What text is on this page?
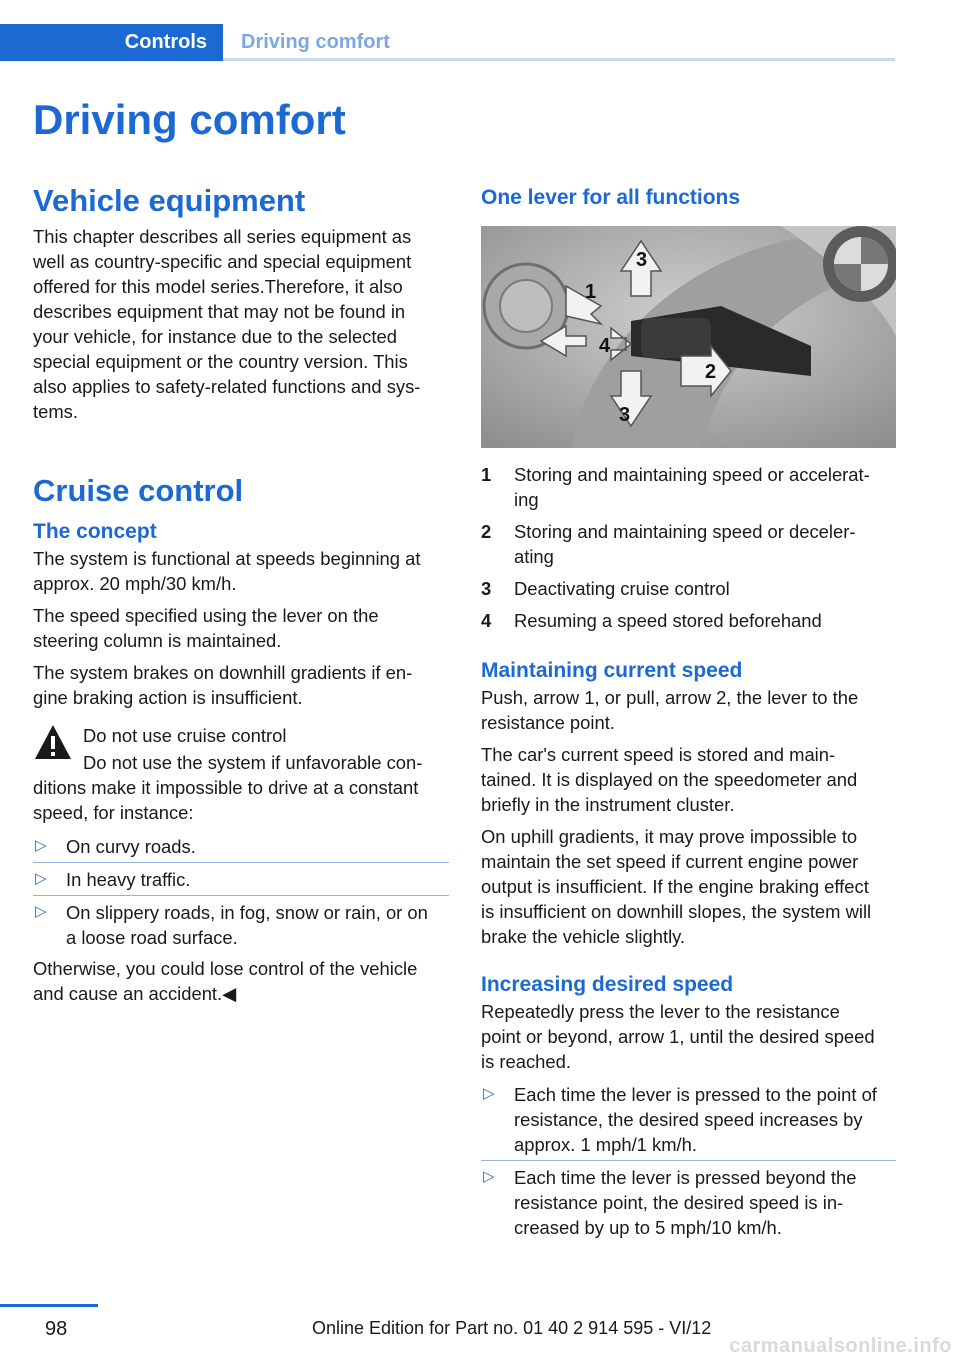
Controls Driving comfort
Driving comfort
Vehicle equipment

This chapter describes all series equipment as
well as country-specific and special equipment
offered for this model series.Therefore, it also
describes equipment that may not be found in
your vehicle, for instance due to the selected
special equipment or the country version. This
also applies to safety-related functions and sys-
tems.

Cruise control
The concept

The system is functional at speeds beginning at
approx. 20 mph/30 km/h.

The speed specified using the lever on the
steering column is maintained.

The system brakes on downhill gradients if en-
gine braking action is insufficient.

Do not use cruise control
Do not use the system if unfavorable con-

ditions make it impossible to drive at a constant
speed, for instance:

▷ On curvy roads.
▷ In heavy traffic.
▷ On slippery roads, in fog, snow or rain, or on
a loose road surface.

Otherwise, you could lose control of the vehicle
and cause an accident.◀

One lever for all functions
1
2
3
3
4
1 Storing and maintaining speed or accelerat-
ing
2 Storing and maintaining speed or deceler-
ating
3 Deactivating cruise control
4 Resuming a speed stored beforehand
Maintaining current speed

Push, arrow 1, or pull, arrow 2, the lever to the
resistance point.

The car's current speed is stored and main-
tained. It is displayed on the speedometer and
briefly in the instrument cluster.

On uphill gradients, it may prove impossible to
maintain the set speed if current engine power
output is insufficient. If the engine braking effect
is insufficient on downhill slopes, the system will
brake the vehicle slightly.

Increasing desired speed

Repeatedly press the lever to the resistance
point or beyond, arrow 1, until the desired speed
is reached.

▷ Each time the lever is pressed to the point of
resistance, the desired speed increases by
approx. 1 mph/1 km/h.
▷ Each time the lever is pressed beyond the
resistance point, the desired speed is in-
creased by up to 5 mph/10 km/h.
98	Online Edition for Part no. 01 40 2 914 595 - VI/12
carmanualsonline.info
